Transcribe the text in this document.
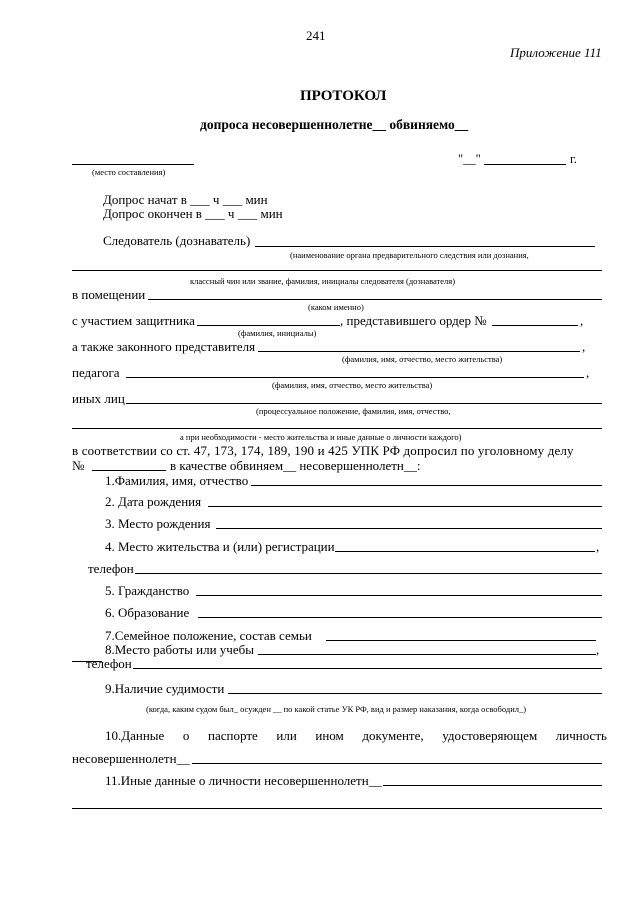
241
Приложение 111
ПРОТОКОЛ
допроса несовершеннолетне__ обвиняемо__
(место составления)
"__"	г.
Допрос начат в ___ ч ___ мин
Допрос окончен в ___ ч ___ мин
Следователь (дознаватель)
(наименование органа предварительного следствия или дознания,
классный чин или звание, фамилия, инициалы следователя (дознавателя)
в помещении
(каком именно)
с участием защитника	, представившего ордер №	,
(фамилия, инициалы)
а также законного представителя	,
(фамилия, имя, отчество, место жительства)
педагога	,
(фамилия, имя, отчество, место жительства)
иных лиц
(процессуальное положение, фамилия, имя, отчество,
а при необходимости - место жительства и иные данные о личности каждого)
в соответствии со ст. 47, 173, 174, 189, 190 и 425 УПК РФ допросил по уголовному делу
№	в качестве обвиняем__ несовершеннолетн__:
1.Фамилия, имя, отчество
2. Дата рождения
3. Место рождения
4. Место жительства и (или) регистрации	,
телефон
5. Гражданство
6. Образование
7.Семейное положение, состав семьи
8.Место работы или учебы	,
телефон
9.Наличие судимости
(когда, каким судом был_ осужден __ по какой статье УК РФ, вид и размер наказания, когда освободил_)
10.Данные о паспорте или ином документе, удостоверяющем личность
несовершеннолетн__
11.Иные данные о личности несовершеннолетн__
